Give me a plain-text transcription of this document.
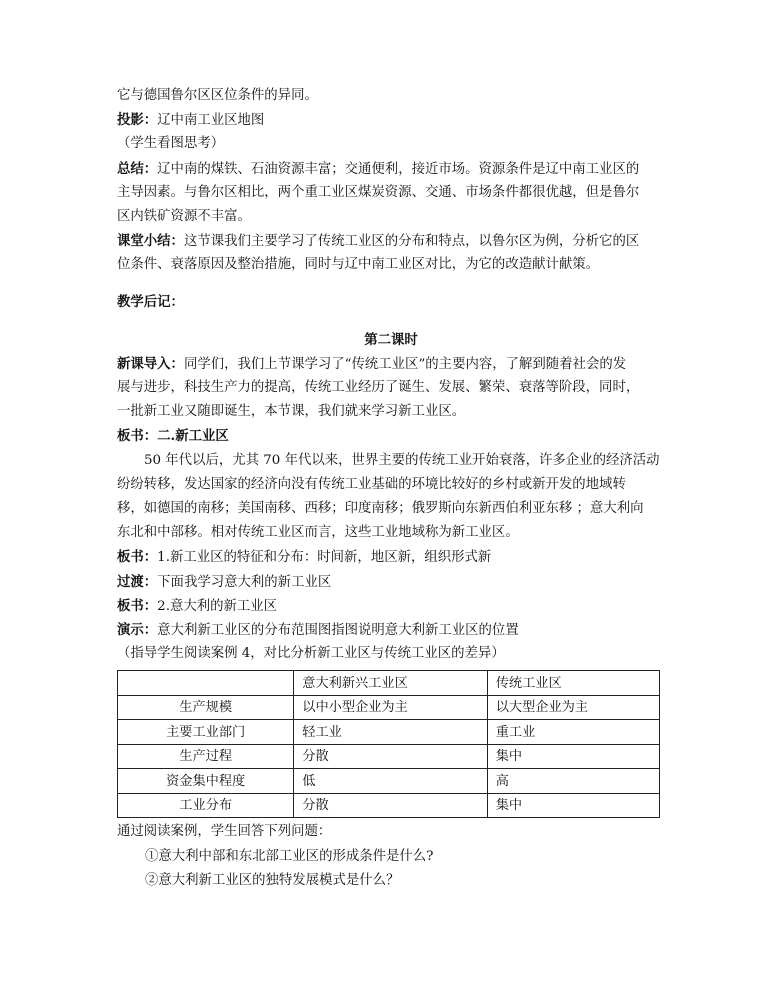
它与德国鲁尔区区位条件的异同。
投影：辽中南工业区地图
（学生看图思考）
总结：辽中南的煤铁、石油资源丰富；交通便利，接近市场。资源条件是辽中南工业区的
主导因素。与鲁尔区相比，两个重工业区煤炭资源、交通、市场条件都很优越，但是鲁尔
区内铁矿资源不丰富。
课堂小结：这节课我们主要学习了传统工业区的分布和特点，以鲁尔区为例，分析它的区
位条件、衰落原因及整治措施，同时与辽中南工业区对比，为它的改造献计献策。
教学后记：
第二课时
新课导入：同学们，我们上节课学习了“传统工业区”的主要内容，了解到随着社会的发
展与进步，科技生产力的提高，传统工业经历了诞生、发展、繁荣、衰落等阶段，同时，
一批新工业又随即诞生，本节课，我们就来学习新工业区。
板书：二.新工业区
50 年代以后，尤其 70 年代以来，世界主要的传统工业开始衰落，许多企业的经济活动
纷纷转移，发达国家的经济向没有传统工业基础的环境比较好的乡村或新开发的地域转
移，如德国的南移；美国南移、西移；印度南移；俄罗斯向东新西伯利亚东移 ；意大利向
东北和中部移。相对传统工业区而言，这些工业地域称为新工业区。
板书：1.新工业区的特征和分布：时间新，地区新，组织形式新
过渡：下面我学习意大利的新工业区
板书：2.意大利的新工业区
演示：意大利新工业区的分布范围图指图说明意大利新工业区的位置
（指导学生阅读案例 4，对比分析新工业区与传统工业区的差异）
	意大利新兴工业区	传统工业区
生产规模	以中小型企业为主	以大型企业为主
主要工业部门	轻工业	重工业
生产过程	分散	集中
资金集中程度	低	高
工业分布	分散	集中
通过阅读案例，学生回答下列问题：
①意大利中部和东北部工业区的形成条件是什么?
②意大利新工业区的独特发展模式是什么？
